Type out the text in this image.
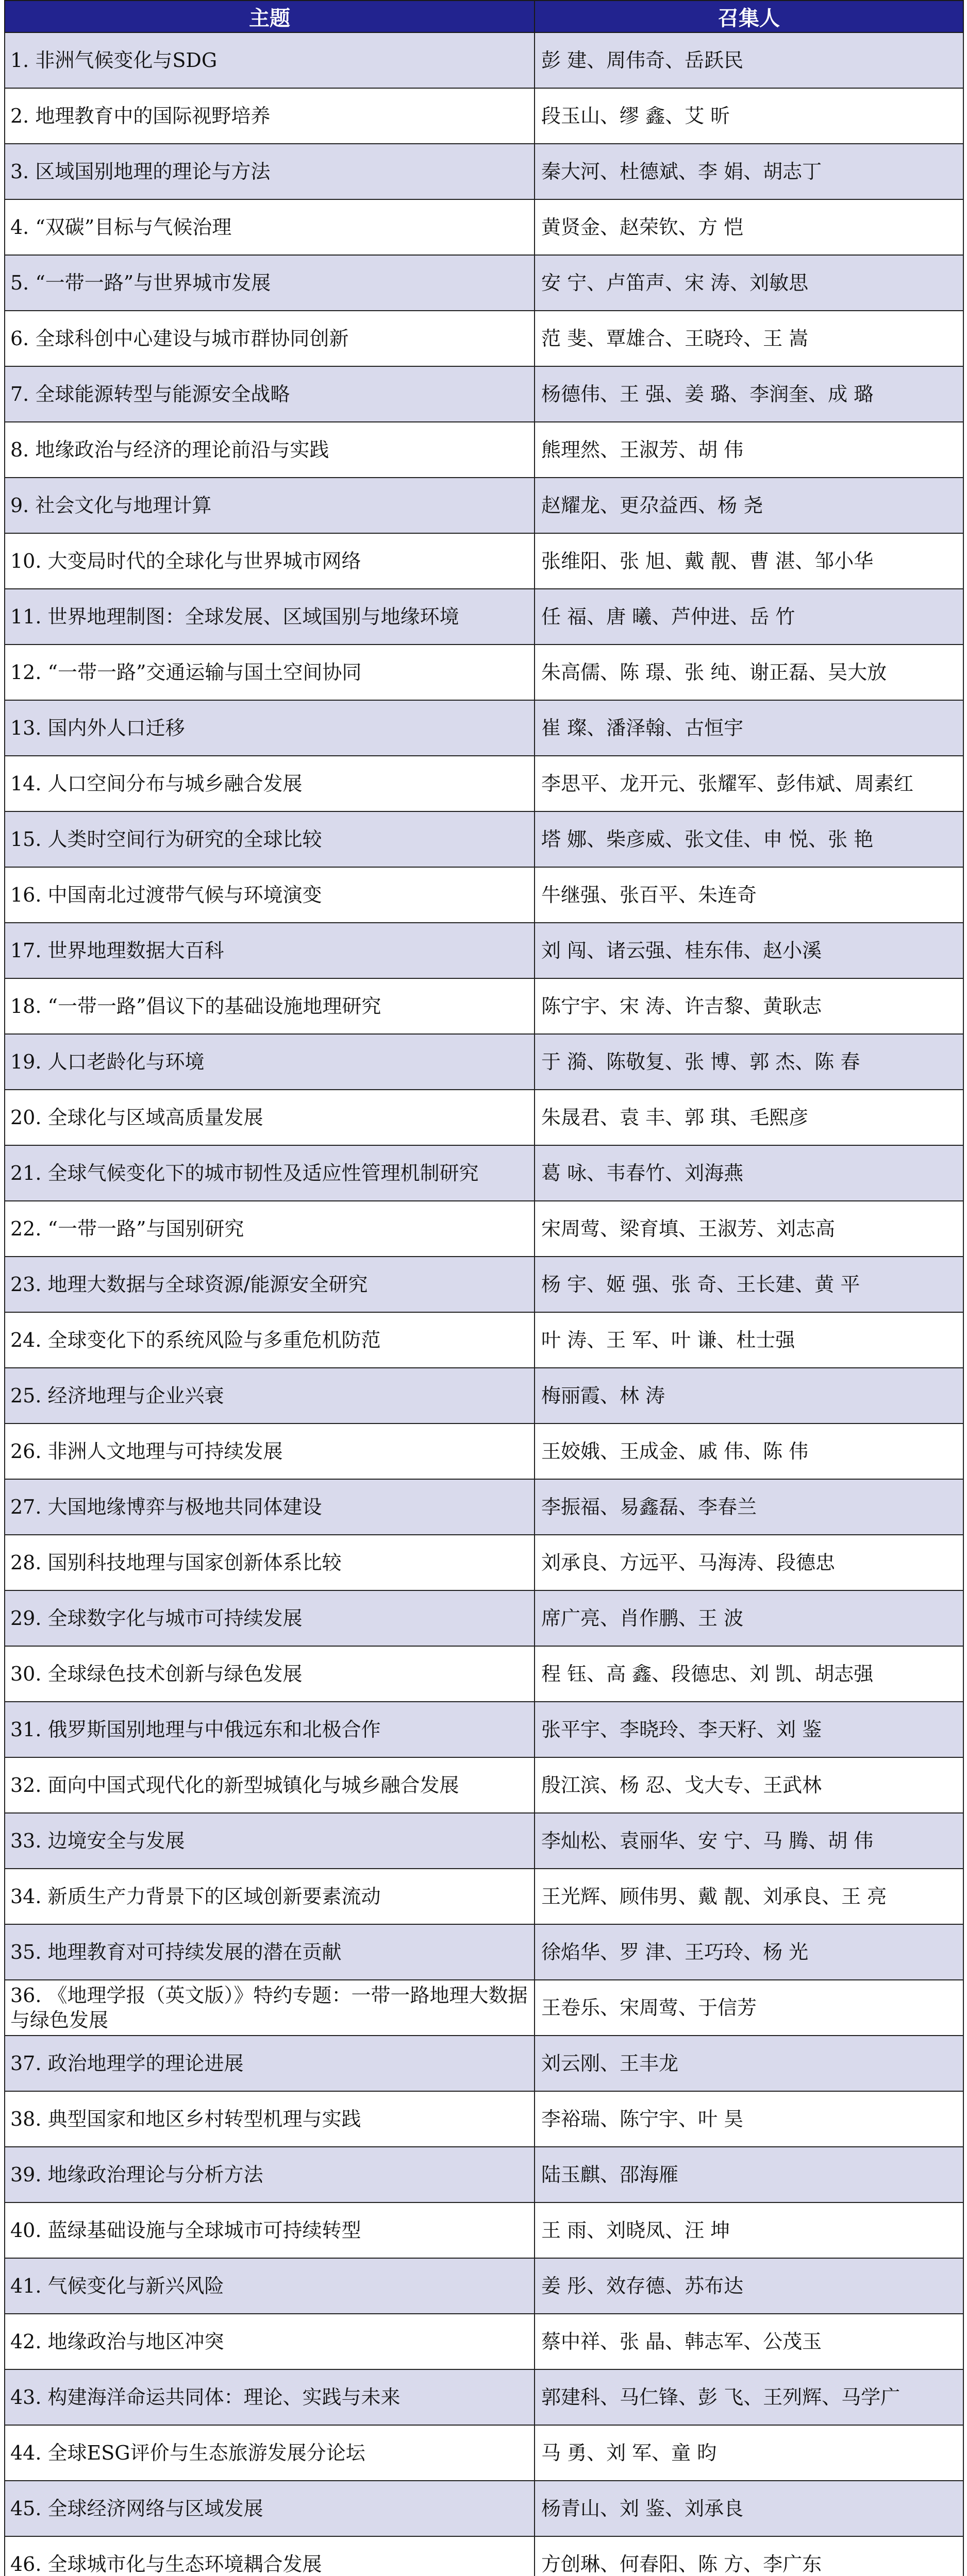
主题	召集人
1. 非洲气候变化与SDG	彭 建、周伟奇、岳跃民
2. 地理教育中的国际视野培养	段玉山、缪 鑫、艾 昕
3. 区域国别地理的理论与方法	秦大河、杜德斌、李 娟、胡志丁
4. “双碳”目标与气候治理	黄贤金、赵荣钦、方 恺
5. “一带一路”与世界城市发展	安 宁、卢笛声、宋 涛、刘敏思
6. 全球科创中心建设与城市群协同创新	范 斐、覃雄合、王晓玲、王 嵩
7. 全球能源转型与能源安全战略	杨德伟、王 强、姜 璐、李润奎、成 璐
8. 地缘政治与经济的理论前沿与实践	熊理然、王淑芳、胡 伟
9. 社会文化与地理计算	赵耀龙、更尕益西、杨 尧
10. 大变局时代的全球化与世界城市网络	张维阳、张 旭、戴 靓、曹 湛、邹小华
11. 世界地理制图：全球发展、区域国别与地缘环境	任 福、唐 曦、芦仲进、岳 竹
12. “一带一路”交通运输与国土空间协同	朱高儒、陈 璟、张 纯、谢正磊、吴大放
13. 国内外人口迁移	崔 璨、潘泽翰、古恒宇
14. 人口空间分布与城乡融合发展	李思平、龙开元、张耀军、彭伟斌、周素红
15. 人类时空间行为研究的全球比较	塔 娜、柴彦威、张文佳、申 悦、张 艳
16. 中国南北过渡带气候与环境演变	牛继强、张百平、朱连奇
17. 世界地理数据大百科	刘 闯、诸云强、桂东伟、赵小溪
18. “一带一路”倡议下的基础设施地理研究	陈宁宇、宋 涛、许吉黎、黄耿志
19. 人口老龄化与环境	于 漪、陈敬复、张 博、郭 杰、陈 春
20. 全球化与区域高质量发展	朱晟君、袁 丰、郭 琪、毛熙彦
21. 全球气候变化下的城市韧性及适应性管理机制研究	葛 咏、韦春竹、刘海燕
22. “一带一路”与国别研究	宋周莺、梁育填、王淑芳、刘志高
23. 地理大数据与全球资源/能源安全研究	杨 宇、姬 强、张 奇、王长建、黄 平
24. 全球变化下的系统风险与多重危机防范	叶 涛、王 军、叶 谦、杜士强
25. 经济地理与企业兴衰	梅丽霞、林 涛
26. 非洲人文地理与可持续发展	王姣娥、王成金、戚 伟、陈 伟
27. 大国地缘博弈与极地共同体建设	李振福、易鑫磊、李春兰
28. 国别科技地理与国家创新体系比较	刘承良、方远平、马海涛、段德忠
29. 全球数字化与城市可持续发展	席广亮、肖作鹏、王 波
30. 全球绿色技术创新与绿色发展	程 钰、高 鑫、段德忠、刘 凯、胡志强
31. 俄罗斯国别地理与中俄远东和北极合作	张平宇、李晓玲、李天籽、刘 鉴
32. 面向中国式现代化的新型城镇化与城乡融合发展	殷江滨、杨 忍、戈大专、王武林
33. 边境安全与发展	李灿松、袁丽华、安 宁、马 腾、胡 伟
34. 新质生产力背景下的区域创新要素流动	王光辉、顾伟男、戴 靓、刘承良、王 亮
35. 地理教育对可持续发展的潜在贡献	徐焰华、罗 津、王巧玲、杨 光
36. 《地理学报（英文版）》特约专题：一带一路地理大数据与绿色发展	王卷乐、宋周莺、于信芳
37. 政治地理学的理论进展	刘云刚、王丰龙
38. 典型国家和地区乡村转型机理与实践	李裕瑞、陈宁宇、叶 昊
39. 地缘政治理论与分析方法	陆玉麒、邵海雁
40. 蓝绿基础设施与全球城市可持续转型	王 雨、刘晓凤、汪 坤
41. 气候变化与新兴风险	姜 彤、效存德、苏布达
42. 地缘政治与地区冲突	蔡中祥、张 晶、韩志军、公茂玉
43. 构建海洋命运共同体：理论、实践与未来	郭建科、马仁锋、彭 飞、王列辉、马学广
44. 全球ESG评价与生态旅游发展分论坛	马 勇、刘 军、童 昀
45. 全球经济网络与区域发展	杨青山、刘 鉴、刘承良
46. 全球城市化与生态环境耦合发展	方创琳、何春阳、陈 方、李广东
